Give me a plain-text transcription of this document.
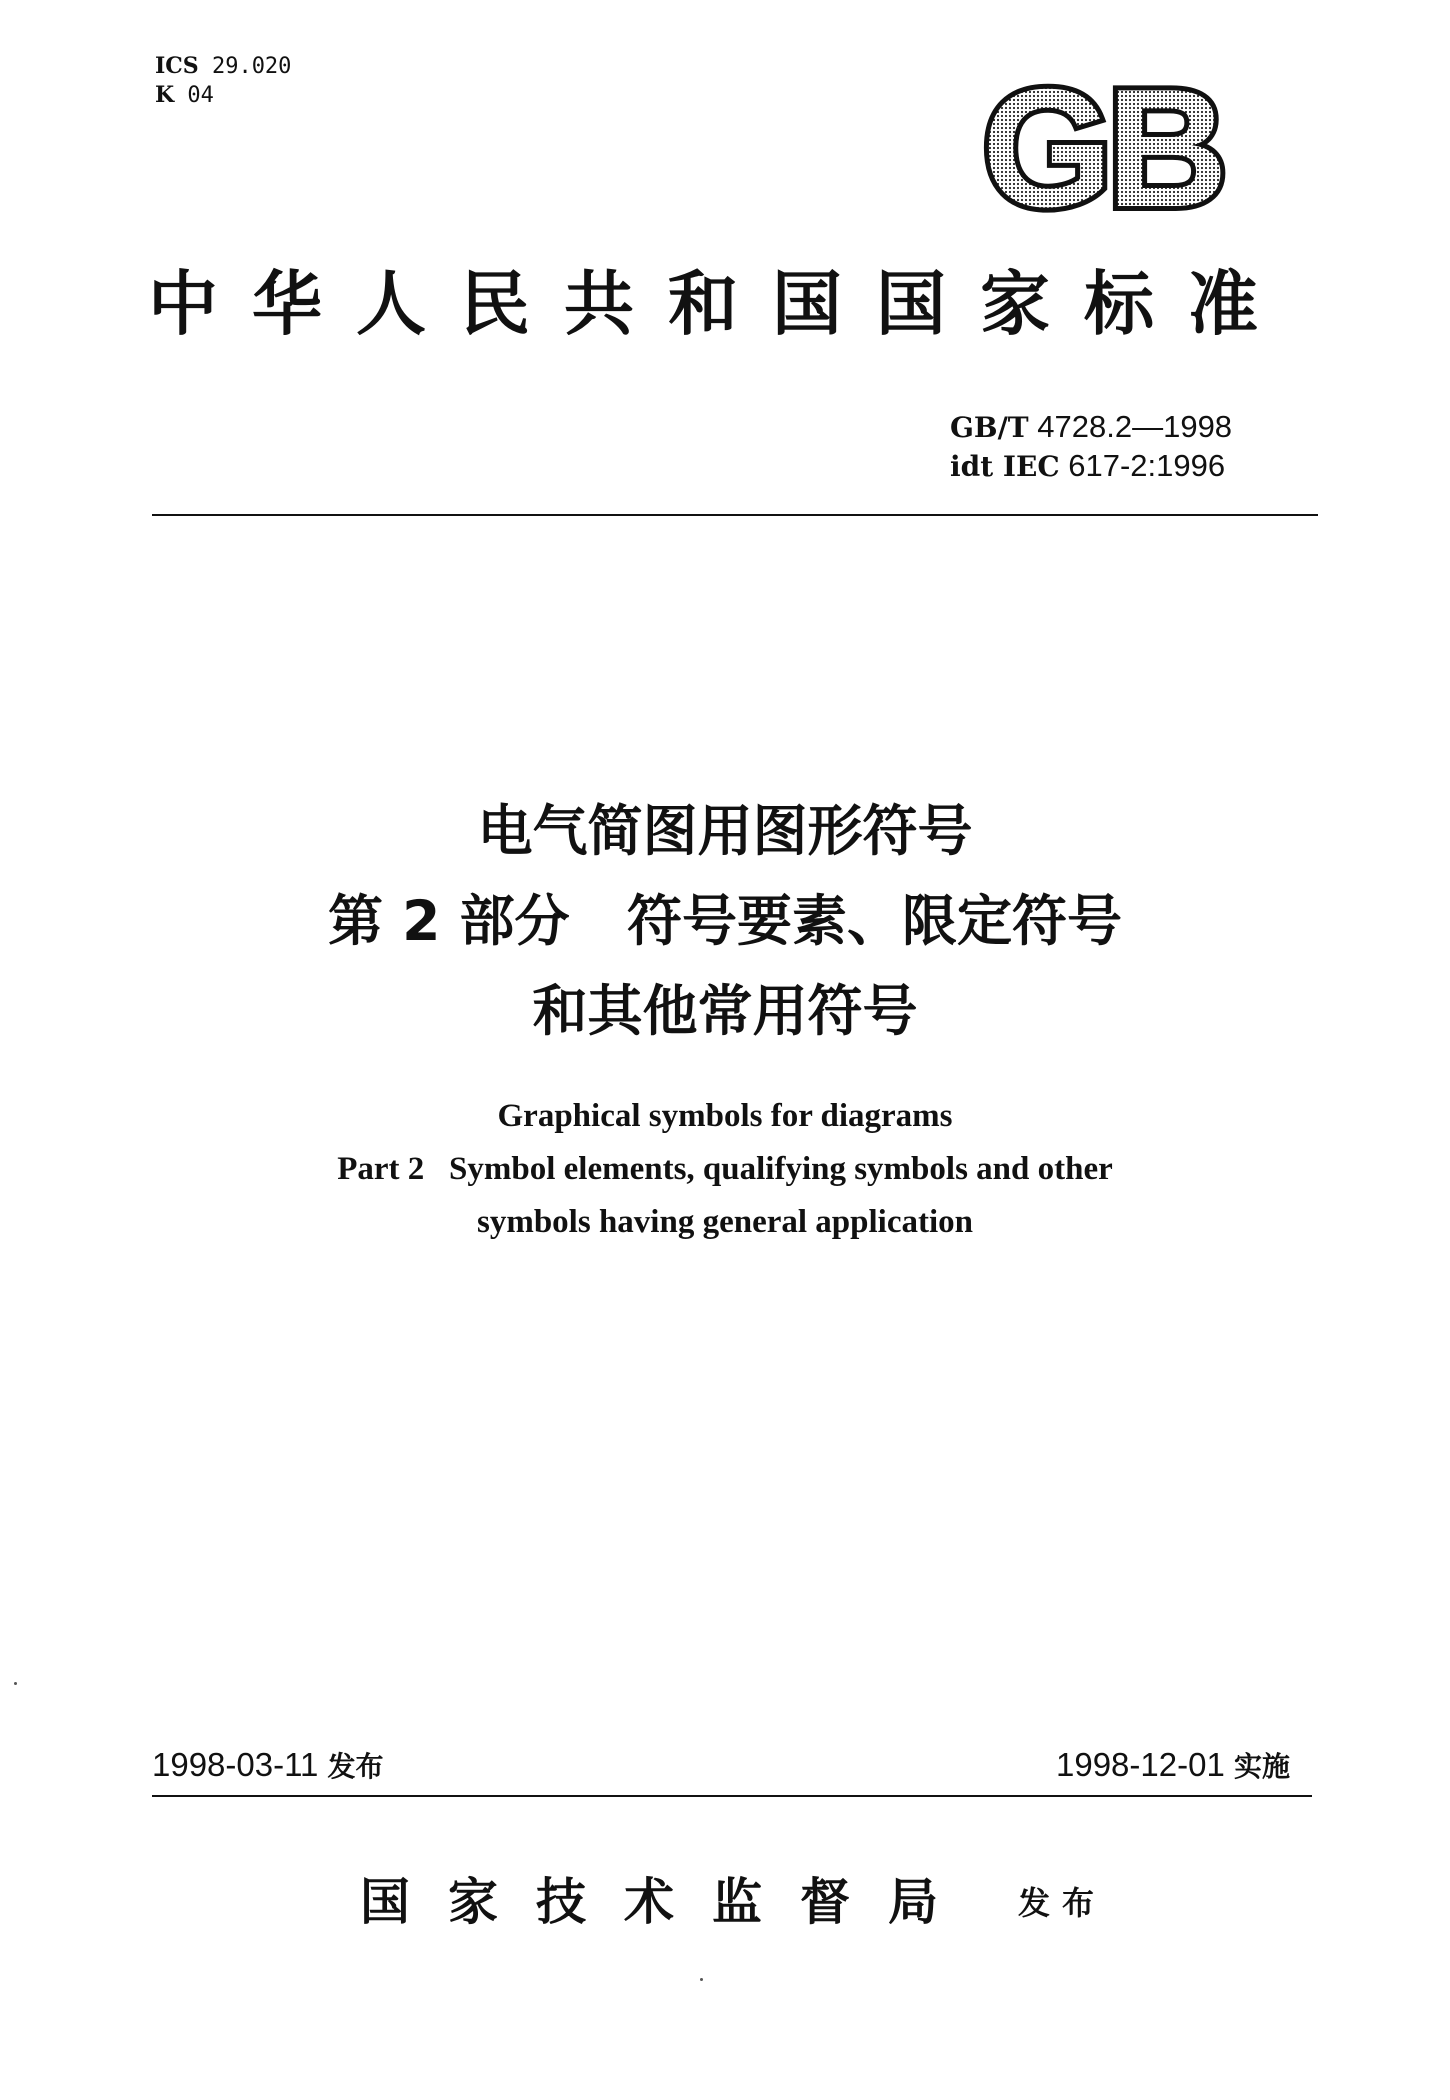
ICS 29.020
K 04	GB
中华人民共和国国家标准
GB/T 4728.2—1998
idt IEC 617-2:1996
电气简图用图形符号
第 2 部分   符号要素、限定符号
和其他常用符号
Graphical symbols for diagrams
Part 2   Symbol elements, qualifying symbols and other
symbols having general application
1998-03-11 发布	1998-12-01 实施
国家技术监督局 发布
